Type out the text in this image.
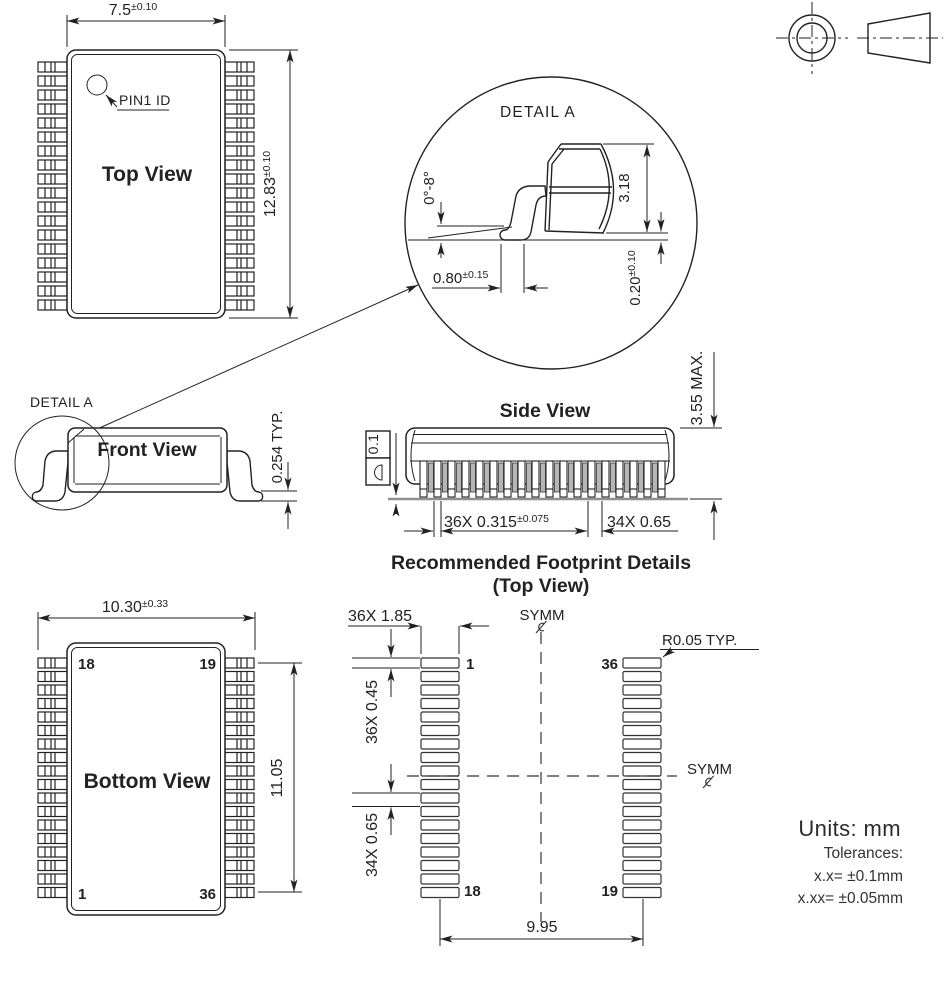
PIN1 ID
Top View
$7.5^{\pm 0.10}$
$12.83^{\pm 0.10}$
DETAIL A
0°-8°	3.18
$0.20^{\pm 0.10}$
$0.80^{\pm 0.15}$
Front View
DETAIL A
0.254 TYP.	Side View
0.1
36X $0.315^{\pm 0.075}$	34X 0.65
3.55 MAX.
Recommended Footprint Details
(Top View)
SYMM
SYMM
36X 1.85
36X 0.45
34X 0.65
R0.05 TYP.
1	36
18	19
9.95
18	19
1	36
Bottom View
$10.30^{\pm 0.33}$
11.05
Units: mm
Tolerances:
x.x= ±0.1mm
x.xx= ±0.05mm
